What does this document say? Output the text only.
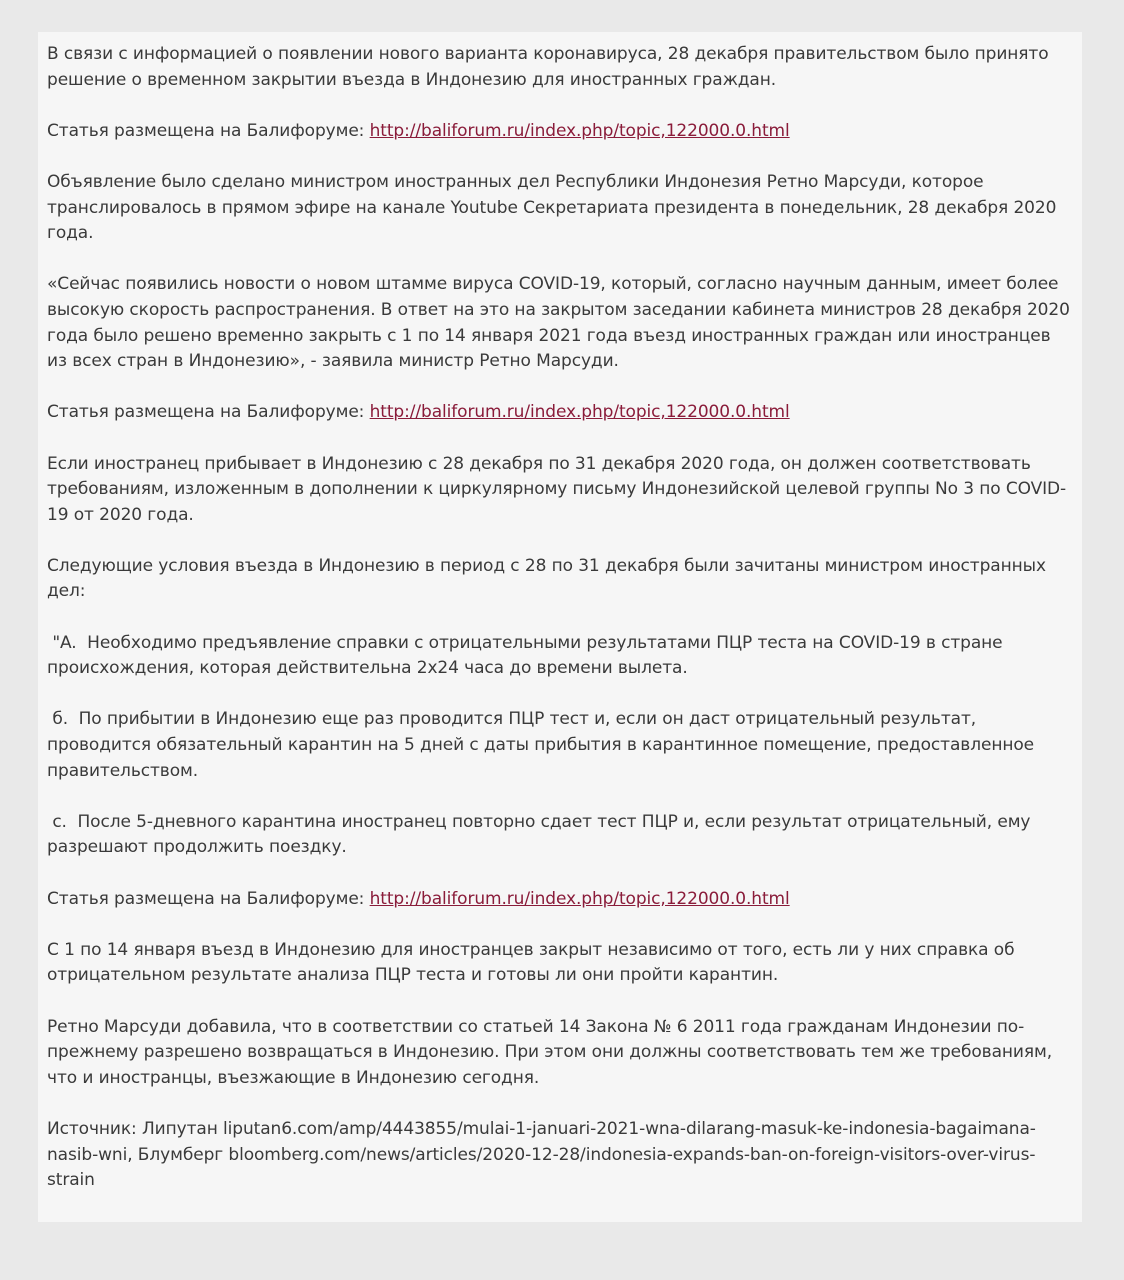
В связи с информацией о появлении нового варианта коронавируса, 28 декабря правительством было принято решение о временном закрытии въезда в Индонезию для иностранных граждан.

Статья размещена на Балифоруме: http://baliforum.ru/index.php/topic,122000.0.html

Объявление было сделано министром иностранных дел Республики Индонезия Ретно Марсуди, которое транслировалось в прямом эфире на канале Youtube Секретариата президента в понедельник, 28 декабря 2020 года.

«Сейчас появились новости о новом штамме вируса COVID-19, который, согласно научным данным, имеет более высокую скорость распространения. В ответ на это на закрытом заседании кабинета министров 28 декабря 2020 года было решено временно закрыть с 1 по 14 января 2021 года въезд иностранных граждан или иностранцев из всех стран в Индонезию», - заявила министр Ретно Марсуди.

Статья размещена на Балифоруме: http://baliforum.ru/index.php/topic,122000.0.html

Если иностранец прибывает в Индонезию с 28 декабря по 31 декабря 2020 года, он должен соответствовать требованиям, изложенным в дополнении к циркулярному письму Индонезийской целевой группы No 3 по COVID-19 от 2020 года.

Следующие условия въезда в Индонезию в период с 28 по 31 декабря были зачитаны министром иностранных дел:

"A.  Необходимо предъявление справки с отрицательными результатами ПЦР теста на COVID-19 в стране происхождения, которая действительна 2x24 часа до времени вылета.

б.  По прибытии в Индонезию еще раз проводится ПЦР тест и, если он даст отрицательный результат, проводится обязательный карантин на 5 дней с даты прибытия в карантинное помещение, предоставленное правительством.

c.  После 5-дневного карантина иностранец повторно сдает тест ПЦР и, если результат отрицательный, ему разрешают продолжить поездку.

Статья размещена на Балифоруме: http://baliforum.ru/index.php/topic,122000.0.html

С 1 по 14 января въезд в Индонезию для иностранцев закрыт независимо от того, есть ли у них справка об отрицательном результате анализа ПЦР теста и готовы ли они пройти карантин.

Ретно Марсуди добавила, что в соответствии со статьей 14 Закона № 6 2011 года гражданам Индонезии по-прежнему разрешено возвращаться в Индонезию. При этом они должны соответствовать тем же требованиям, что и иностранцы, въезжающие в Индонезию сегодня.

Источник: Липутан liputan6.com/amp/4443855/mulai-1-januari-2021-wna-dilarang-masuk-ke-indonesia-bagaimana-nasib-wni, Блумберг bloomberg.com/news/articles/2020-12-28/indonesia-expands-ban-on-foreign-visitors-over-virus-strain
